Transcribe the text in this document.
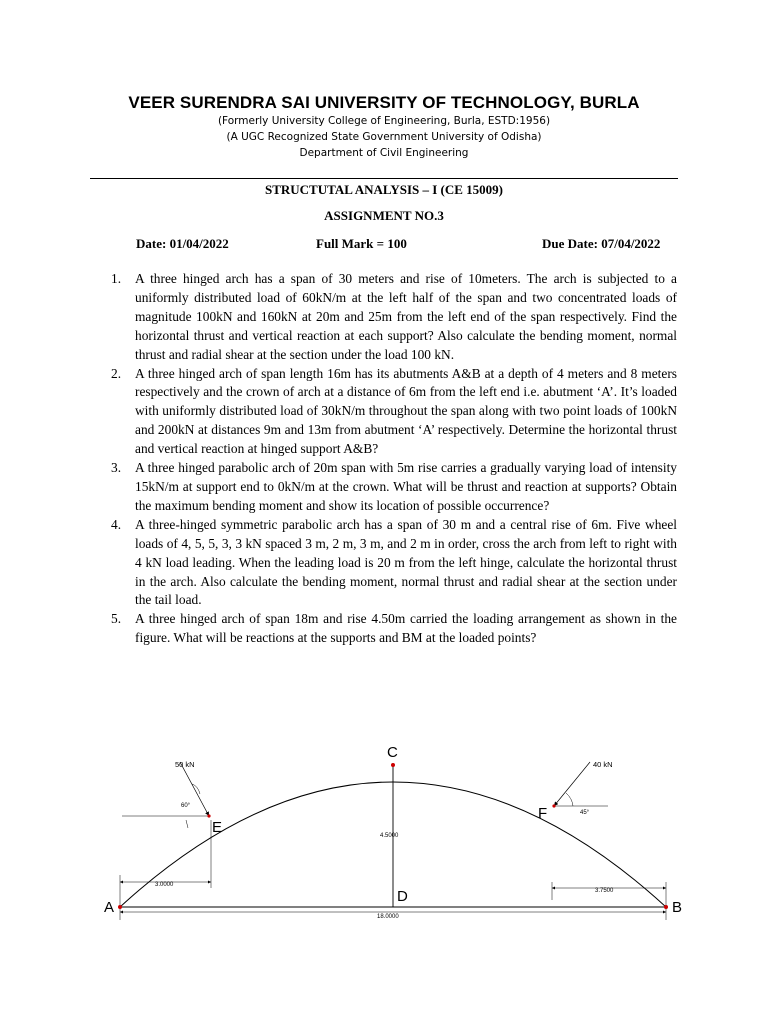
VEER SURENDRA SAI UNIVERSITY OF TECHNOLOGY, BURLA
(Formerly University College of Engineering, Burla, ESTD:1956)
(A UGC Recognized State Government University of Odisha)
Department of Civil Engineering
STRUCTUTAL ANALYSIS – I (CE 15009)
ASSIGNMENT NO.3
Date: 01/04/2022	Full Mark = 100	Due Date: 07/04/2022
1. A three hinged arch has a span of 30 meters and rise of 10meters. The arch is subjected to a uniformly distributed load of 60kN/m at the left half of the span and two concentrated loads of magnitude 100kN and 160kN at 20m and 25m from the left end of the span respectively. Find the horizontal thrust and vertical reaction at each support? Also calculate the bending moment, normal thrust and radial shear at the section under the load 100 kN.
2. A three hinged arch of span length 16m has its abutments A&B at a depth of 4 meters and 8 meters respectively and the crown of arch at a distance of 6m from the left end i.e. abutment ‘A’. It’s loaded with uniformly distributed load of 30kN/m throughout the span along with two point loads of 100kN and 200kN at distances 9m and 13m from abutment ‘A’ respectively. Determine the horizontal thrust and vertical reaction at hinged support A&B?
3. A three hinged parabolic arch of 20m span with 5m rise carries a gradually varying load of intensity 15kN/m at support end to 0kN/m at the crown. What will be thrust and reaction at supports? Obtain the maximum bending moment and show its location of possible occurrence?
4. A three-hinged symmetric parabolic arch has a span of 30 m and a central rise of 6m. Five wheel loads of 4, 5, 5, 3, 3 kN spaced 3 m, 2 m, 3 m, and 2 m in order, cross the arch from left to right with 4 kN load leading. When the leading load is 20 m from the left hinge, calculate the horizontal thrust in the arch. Also calculate the bending moment, normal thrust and radial shear at the section under the tail load.
5. A three hinged arch of span 18m and rise 4.50m carried the loading arrangement as shown in the figure. What will be reactions at the supports and BM at the loaded points?
A	B
C
D
E
F
50 kN	40 kN
60°
45°
4.5000
18.0000
3.0000
3.7500
